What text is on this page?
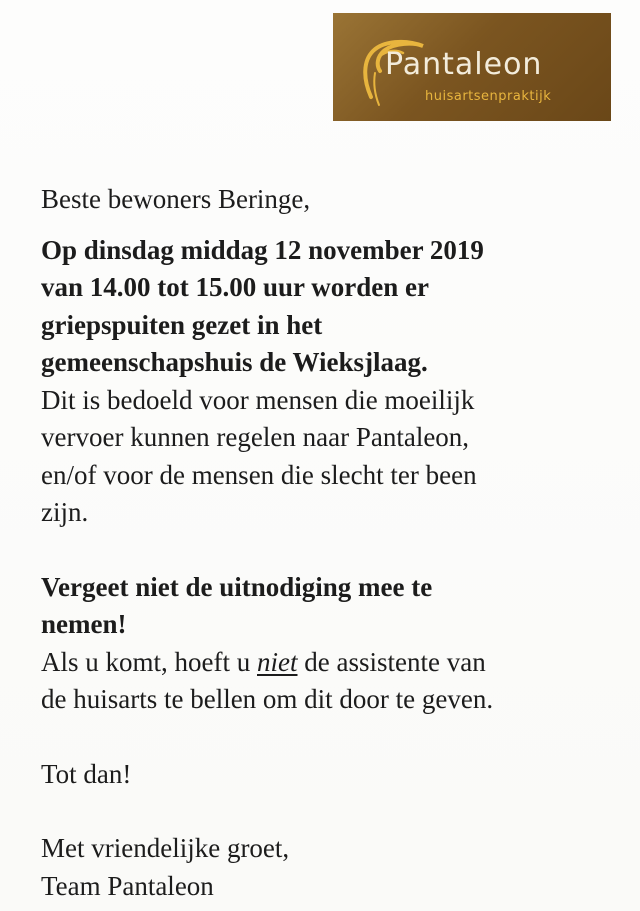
Pantaleon
huisartsenpraktijk

Beste bewoners Beringe,

Op dinsdag middag 12 november 2019

van 14.00 tot 15.00 uur worden er

griepspuiten gezet in het

gemeenschapshuis de Wieksjlaag.

Dit is bedoeld voor mensen die moeilijk

vervoer kunnen regelen naar Pantaleon,

en/of voor de mensen die slecht ter been

zijn.

Vergeet niet de uitnodiging mee te

nemen!

Als u komt, hoeft u niet de assistente van

de huisarts te bellen om dit door te geven.

Tot dan!

Met vriendelijke groet,

Team Pantaleon
